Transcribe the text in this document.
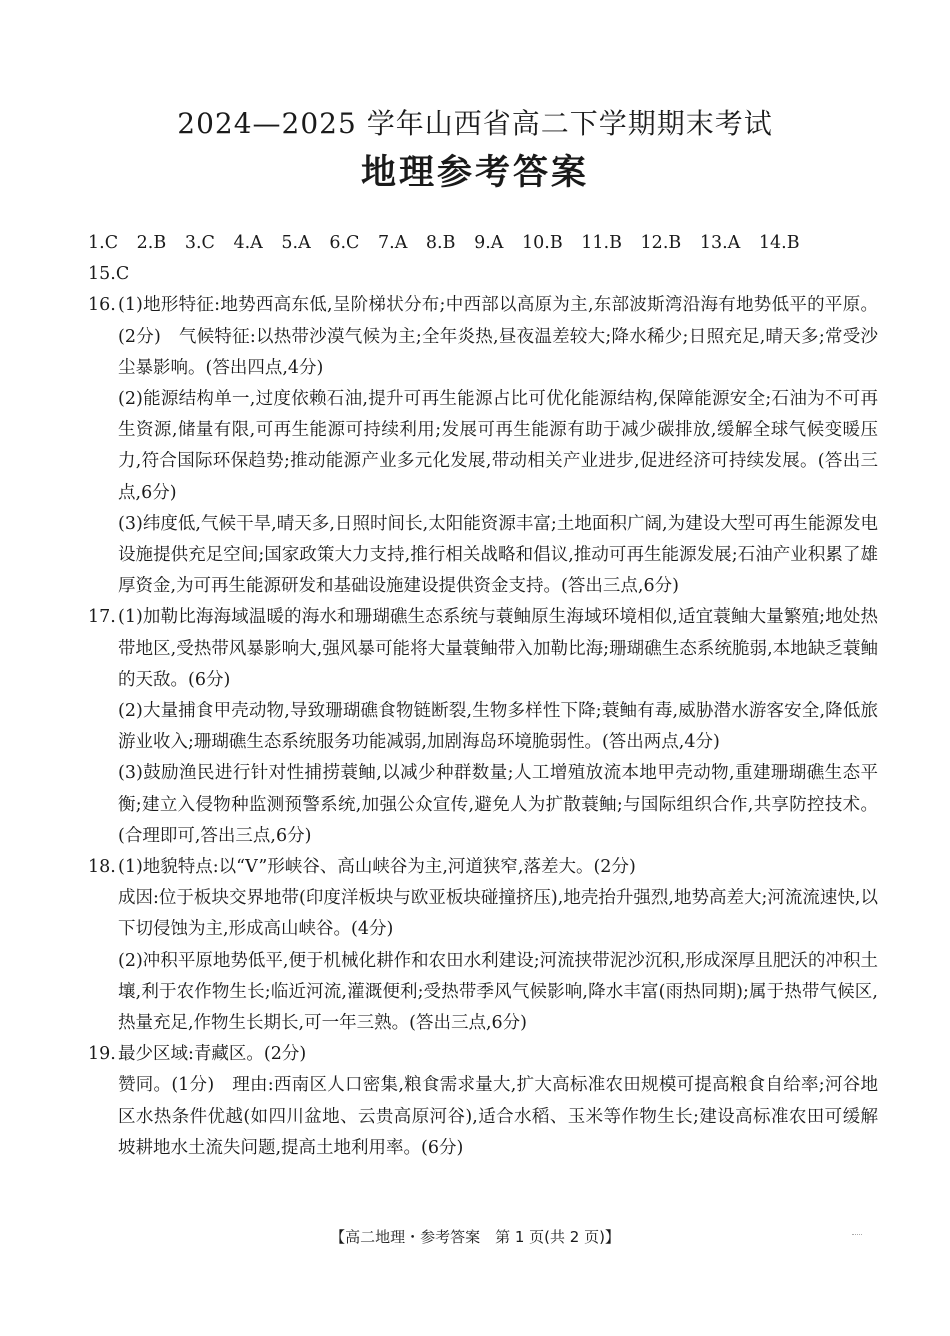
2024—2025 学年山西省高二下学期期末考试
地理参考答案
1.C 2.B 3.C 4.A 5.A 6.C 7.A 8.B 9.A 10.B 11.B 12.B 13.A 14.B
15.C
16. (1)地形特征:地势西高东低,呈阶梯状分布;中西部以高原为主,东部波斯湾沿海有地势低平的平原。(2分)　气候特征:以热带沙漠气候为主;全年炎热,昼夜温差较大;降水稀少;日照充足,晴天多;常受沙尘暴影响。(答出四点,4分)

(2)能源结构单一,过度依赖石油,提升可再生能源占比可优化能源结构,保障能源安全;石油为不可再生资源,储量有限,可再生能源可持续利用;发展可再生能源有助于减少碳排放,缓解全球气候变暖压力,符合国际环保趋势;推动能源产业多元化发展,带动相关产业进步,促进经济可持续发展。(答出三点,6分)

(3)纬度低,气候干旱,晴天多,日照时间长,太阳能资源丰富;土地面积广阔,为建设大型可再生能源发电设施提供充足空间;国家政策大力支持,推行相关战略和倡议,推动可再生能源发展;石油产业积累了雄厚资金,为可再生能源研发和基础设施建设提供资金支持。(答出三点,6分)

17. (1)加勒比海海域温暖的海水和珊瑚礁生态系统与蓑鲉原生海域环境相似,适宜蓑鲉大量繁殖;地处热带地区,受热带风暴影响大,强风暴可能将大量蓑鲉带入加勒比海;珊瑚礁生态系统脆弱,本地缺乏蓑鲉的天敌。(6分)

(2)大量捕食甲壳动物,导致珊瑚礁食物链断裂,生物多样性下降;蓑鲉有毒,威胁潜水游客安全,降低旅游业收入;珊瑚礁生态系统服务功能减弱,加剧海岛环境脆弱性。(答出两点,4分)

(3)鼓励渔民进行针对性捕捞蓑鲉,以减少种群数量;人工增殖放流本地甲壳动物,重建珊瑚礁生态平衡;建立入侵物种监测预警系统,加强公众宣传,避免人为扩散蓑鲉;与国际组织合作,共享防控技术。(合理即可,答出三点,6分)

18. (1)地貌特点:以“V”形峡谷、高山峡谷为主,河道狭窄,落差大。(2分)

成因:位于板块交界地带(印度洋板块与欧亚板块碰撞挤压),地壳抬升强烈,地势高差大;河流流速快,以下切侵蚀为主,形成高山峡谷。(4分)

(2)冲积平原地势低平,便于机械化耕作和农田水利建设;河流挟带泥沙沉积,形成深厚且肥沃的冲积土壤,利于农作物生长;临近河流,灌溉便利;受热带季风气候影响,降水丰富(雨热同期);属于热带气候区,热量充足,作物生长期长,可一年三熟。(答出三点,6分)

19. 最少区域:青藏区。(2分)

赞同。(1分)　理由:西南区人口密集,粮食需求量大,扩大高标准农田规模可提高粮食自给率;河谷地区水热条件优越(如四川盆地、云贵高原河谷),适合水稻、玉米等作物生长;建设高标准农田可缓解坡耕地水土流失问题,提高土地利用率。(6分)

【高二地理・参考答案　第 1 页(共 2 页)】
